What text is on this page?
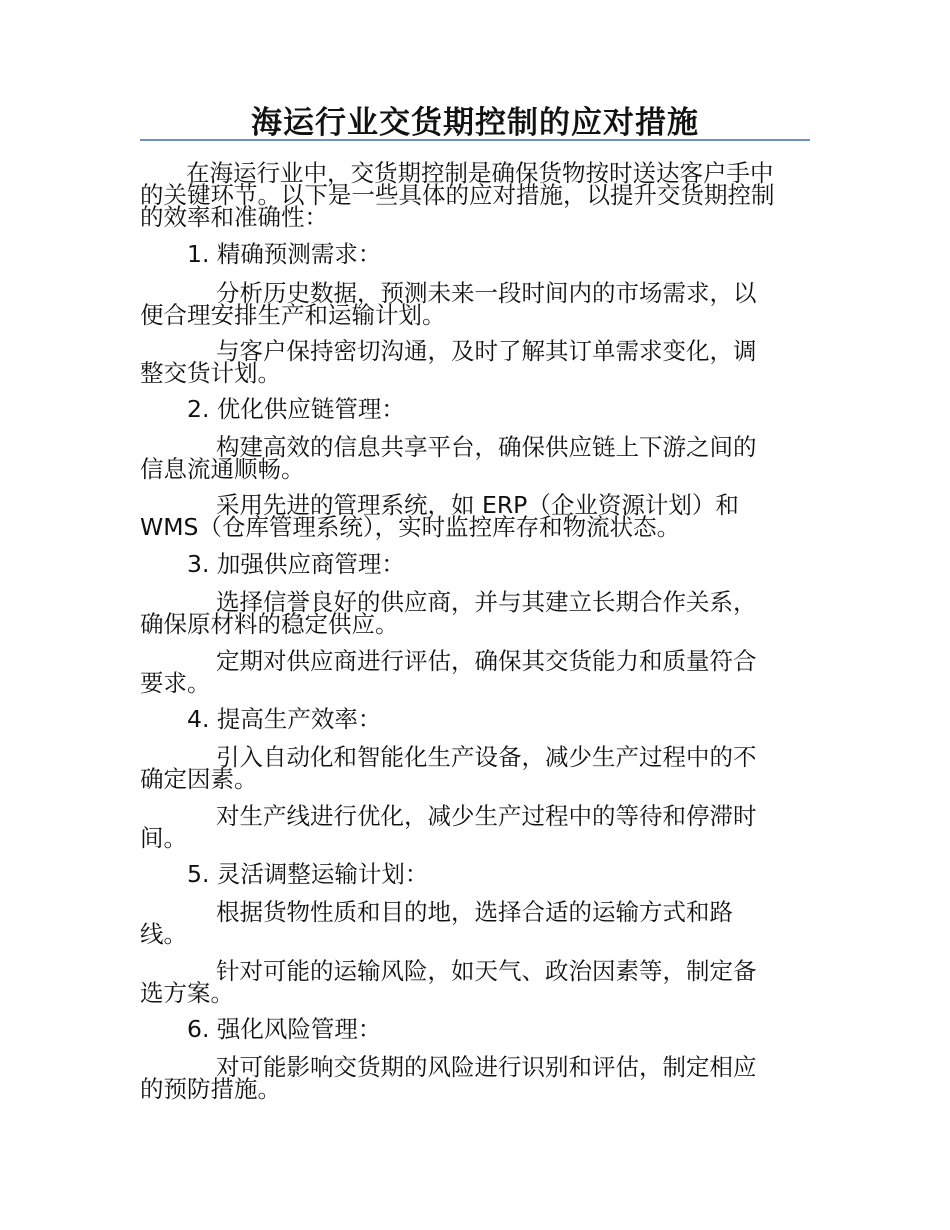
海运行业交货期控制的应对措施
在海运行业中，交货期控制是确保货物按时送达客户手中
的关键环节。以下是一些具体的应对措施，以提升交货期控制
的效率和准确性：
1. 精确预测需求：
分析历史数据，预测未来一段时间内的市场需求，以
便合理安排生产和运输计划。
与客户保持密切沟通，及时了解其订单需求变化，调
整交货计划。
2. 优化供应链管理：
构建高效的信息共享平台，确保供应链上下游之间的
信息流通顺畅。
采用先进的管理系统，如 ERP（企业资源计划）和
WMS（仓库管理系统），实时监控库存和物流状态。
3. 加强供应商管理：
选择信誉良好的供应商，并与其建立长期合作关系，
确保原材料的稳定供应。
定期对供应商进行评估，确保其交货能力和质量符合
要求。
4. 提高生产效率：
引入自动化和智能化生产设备，减少生产过程中的不
确定因素。
对生产线进行优化，减少生产过程中的等待和停滞时
间。
5. 灵活调整运输计划：
根据货物性质和目的地，选择合适的运输方式和路
线。
针对可能的运输风险，如天气、政治因素等，制定备
选方案。
6. 强化风险管理：
对可能影响交货期的风险进行识别和评估，制定相应
的预防措施。
